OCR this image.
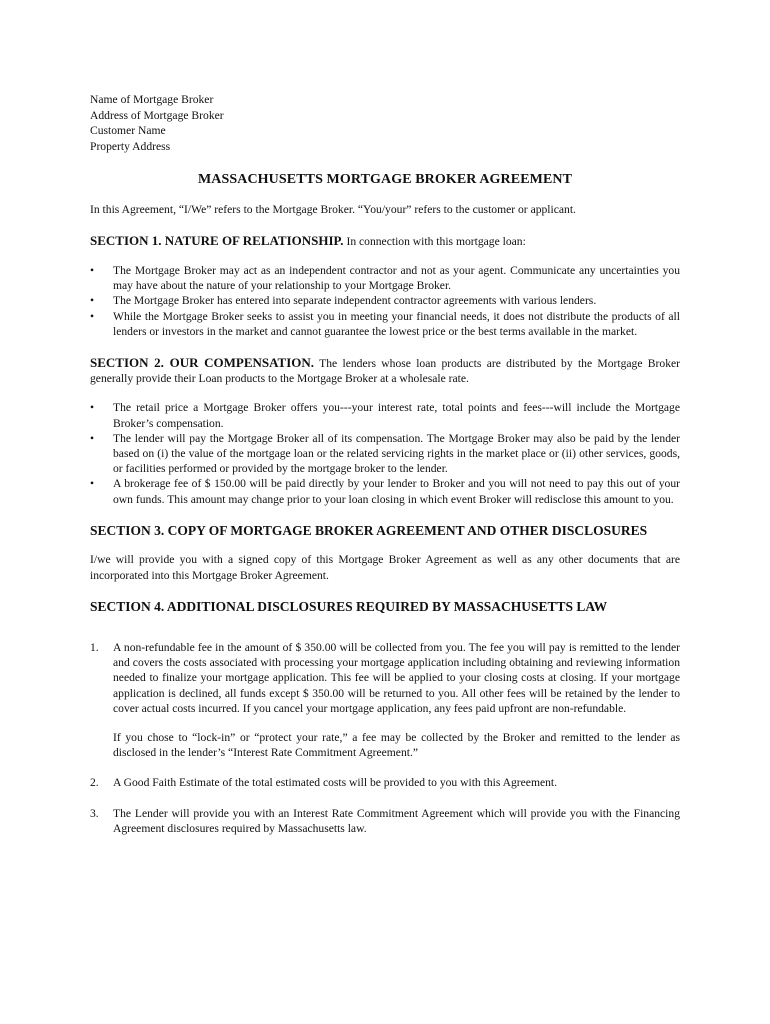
Name of Mortgage Broker
Address of Mortgage Broker
Customer Name
Property Address
MASSACHUSETTS MORTGAGE BROKER AGREEMENT

In this Agreement, “I/We” refers to the Mortgage Broker. “You/your” refers to the customer or applicant.

SECTION 1. NATURE OF RELATIONSHIP. In connection with this mortgage loan:

• The Mortgage Broker may act as an independent contractor and not as your agent. Communicate any uncertainties you may have about the nature of your relationship to your Mortgage Broker.
• The Mortgage Broker has entered into separate independent contractor agreements with various lenders.
• While the Mortgage Broker seeks to assist you in meeting your financial needs, it does not distribute the products of all lenders or investors in the market and cannot guarantee the lowest price or the best terms available in the market.

SECTION 2. OUR COMPENSATION. The lenders whose loan products are distributed by the Mortgage Broker generally provide their Loan products to the Mortgage Broker at a wholesale rate.

• The retail price a Mortgage Broker offers you---your interest rate, total points and fees---will include the Mortgage Broker’s compensation.
• The lender will pay the Mortgage Broker all of its compensation. The Mortgage Broker may also be paid by the lender based on (i) the value of the mortgage loan or the related servicing rights in the market place or (ii) other services, goods, or facilities performed or provided by the mortgage broker to the lender.
• A brokerage fee of $ 150.00 will be paid directly by your lender to Broker and you will not need to pay this out of your own funds. This amount may change prior to your loan closing in which event Broker will redisclose this amount to you.
SECTION 3. COPY OF MORTGAGE BROKER AGREEMENT AND OTHER DISCLOSURES

I/we will provide you with a signed copy of this Mortgage Broker Agreement as well as any other documents that are incorporated into this Mortgage Broker Agreement.

SECTION 4. ADDITIONAL DISCLOSURES REQUIRED BY MASSACHUSETTS LAW
1. A non-refundable fee in the amount of $ 350.00 will be collected from you. The fee you will pay is remitted to the lender and covers the costs associated with processing your mortgage application including obtaining and reviewing information needed to finalize your mortgage application. This fee will be applied to your closing costs at closing. If your mortgage application is declined, all funds except $ 350.00 will be returned to you. All other fees will be retained by the lender to cover actual costs incurred. If you cancel your mortgage application, any fees paid upfront are non-refundable.
If you chose to “lock-in” or “protect your rate,” a fee may be collected by the Broker and remitted to the lender as disclosed in the lender’s “Interest Rate Commitment Agreement.”
2. A Good Faith Estimate of the total estimated costs will be provided to you with this Agreement.
3. The Lender will provide you with an Interest Rate Commitment Agreement which will provide you with the Financing Agreement disclosures required by Massachusetts law.
